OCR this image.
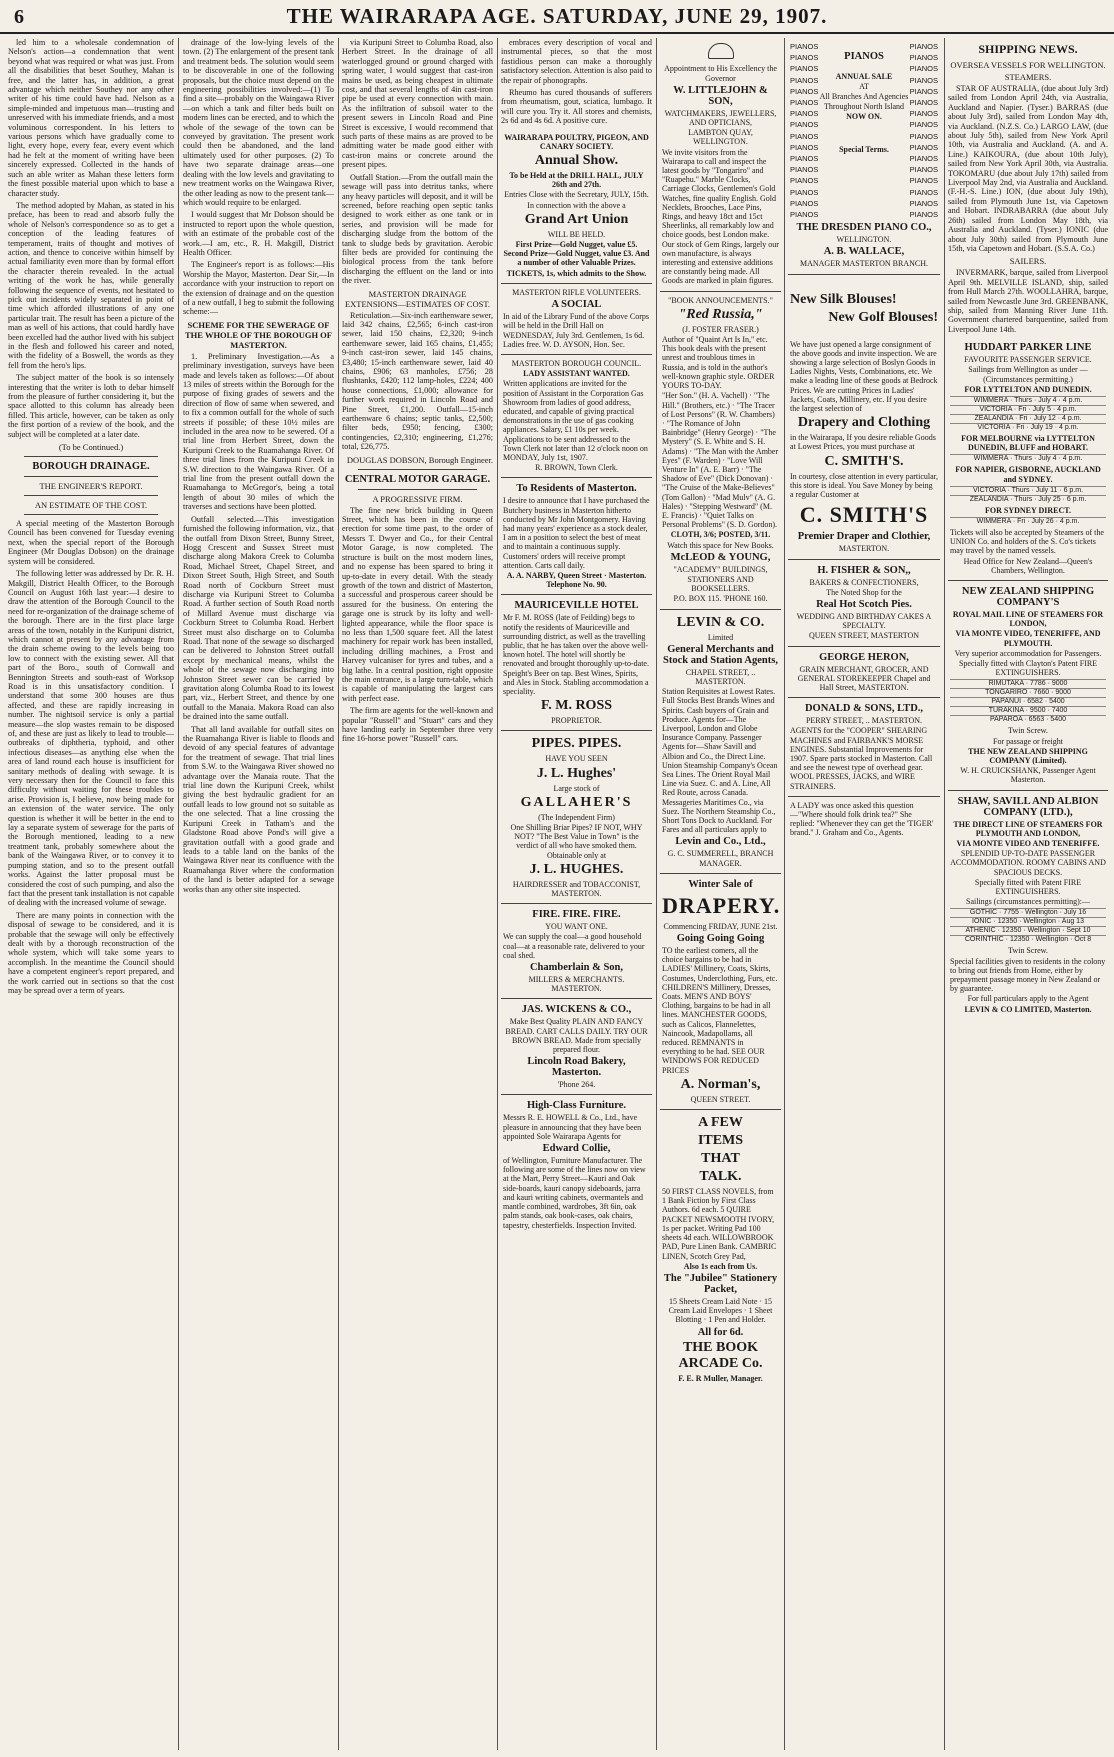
6	THE WAIRARAPA AGE. SATURDAY, JUNE 29, 1907.

led him to a wholesale condemnation of Nelson's action—a condemnation that went beyond what was required or what was just. From all the disabilities that beset Southey, Mahan is free, and the latter has, in addition, a great advantage which neither Southey nor any other writer of his time could have had. Nelson as a simple-minded and impetuous man—trusting and unreserved with his immediate friends, and a most voluminous correspondent. In his letters to various persons which have gradually come to light, every hope, every fear, every event which had he felt at the moment of writing have been sincerely expressed. Collected in the hands of such an able writer as Mahan these letters form the finest possible material upon which to base a character study.

The method adopted by Mahan, as stated in his preface, has been to read and absorb fully the whole of Nelson's correspondence so as to get a conception of the leading features of temperament, traits of thought and motives of action, and thence to conceive within himself by actual familiarity even more than by formal effort the character therein revealed. In the actual writing of the work he has, while generally following the sequence of events, not hesitated to pick out incidents widely separated in point of time which afforded illustrations of any one particular trait. The result has been a picture of the man as well of his actions, that could hardly have been excelled had the author lived with his subject in the flesh and followed his career and noted, with the fidelity of a Boswell, the words as they fell from the hero's lips.

The subject matter of the book is so intensely interesting that the writer is loth to debar himself from the pleasure of further considering it, but the space allotted to this column has already been filled. This article, however, can be taken as only the first portion of a review of the book, and the subject will be completed at a later date.

(To be Continued.)
BOROUGH DRAINAGE.
THE ENGINEER'S REPORT.
AN ESTIMATE OF THE COST.

A special meeting of the Masterton Borough Council has been convened for Tuesday evening next, when the special report of the Borough Engineer (Mr Douglas Dobson) on the drainage system will be considered.

The following letter was addressed by Dr. R. H. Makgill, District Health Officer, to the Borough Council on August 16th last year:—I desire to draw the attention of the Borough Council to the need for re-organization of the drainage scheme of the borough. There are in the first place large areas of the town, notably in the Kuripuni district, which cannot at present by any advantage from the drain scheme owing to the levels being too low to connect with the existing sewer. All that part of the Boro., south of Cornwall and Bennington Streets and south-east of Worksop Road is in this unsatisfactory condition. I understand that some 300 houses are thus affected, and these are rapidly increasing in number. The nightsoil service is only a partial measure—the slop wastes remain to be disposed of, and these are just as likely to lead to trouble—outbreaks of diphtheria, typhoid, and other infectious diseases—as anything else when the area of land round each house is insufficient for sanitary methods of dealing with sewage. It is very necessary then for the Council to face this difficulty without waiting for these troubles to arise. Provision is, I believe, now being made for an extension of the water service. The only question is whether it will be better in the end to lay a separate system of sewerage for the parts of the Borough mentioned, leading to a new treatment tank, probably somewhere about the bank of the Waingawa River, or to convey it to pumping station, and so to the present outfall works. Against the latter proposal must be considered the cost of such pumping, and also the fact that the present tank installation is not capable of dealing with the increased volume of sewage.

There are many points in connection with the disposal of sewage to be considered, and it is probable that the sewage will only be effectively dealt with by a thorough reconstruction of the whole system, which will take some years to accomplish. In the meantime the Council should have a competent engineer's report prepared, and the work carried out in sections so that the cost may be spread over a term of years.

drainage of the low-lying levels of the town. (2) The enlargement of the present tank and treatment beds. The solution would seem to be discoverable in one of the following proposals, but the choice must depend on the engineering possibilities involved:—(1) To find a site—probably on the Waingawa River—on which a tank and filter beds built on modern lines can be erected, and to which the whole of the sewage of the town can be conveyed by gravitation. The present work could then be abandoned, and the land ultimately used for other purposes. (2) To have two separate drainage areas—one dealing with the low levels and gravitating to new treatment works on the Waingawa River, the other leading as now to the present tank—which would require to be enlarged.

I would suggest that Mr Dobson should be instructed to report upon the whole question, with an estimate of the probable cost of the work.—I am, etc., R. H. Makgill, District Health Officer.

The Engineer's report is as follows:—His Worship the Mayor, Masterton. Dear Sir,—In accordance with your instruction to report on the extension of drainage and on the question of a new outfall, I beg to submit the following scheme:—

SCHEME FOR THE SEWERAGE OF THE WHOLE OF THE BOROUGH OF MASTERTON.

1. Preliminary Investigation.—As a preliminary investigation, surveys have been made and levels taken as follows:—Of about 13 miles of streets within the Borough for the purpose of fixing grades of sewers and the direction of flow of same when sewered, and to fix a common outfall for the whole of such streets if possible; of these 10½ miles are included in the area now to be sewered. Of a trial line from Herbert Street, down the Kuripuni Creek to the Ruamahanga River. Of three trial lines from the Kuripuni Creek in S.W. direction to the Waingawa River. Of a trial line from the present outfall down the Ruamahanga to McGregor's, being a total length of about 30 miles of which the traverses and sections have been plotted.

Outfall selected.—This investigation furnished the following information, viz., that the outfall from Dixon Street, Bunny Street, Hogg Crescent and Sussex Street must discharge along Makora Creek to Columba Road, Michael Street, Chapel Street, and Dixon Street South, High Street, and South Road north of Cockburn Street must discharge via Kuripuni Street to Columba Road. A further section of South Road north of Millard Avenue must discharge via Cockburn Street to Columba Road. Herbert Street must also discharge on to Columba Road. That none of the sewage so discharged can be delivered to Johnston Street outfall except by mechanical means, whilst the whole of the sewage now discharging into Johnston Street sewer can be carried by gravitation along Columba Road to its lowest part, viz., Herbert Street, and thence by one outfall to the Manaia. Makora Road can also be drained into the same outfall.

That all land available for outfall sites on the Ruamahanga River is liable to floods and devoid of any special features of advantage for the treatment of sewage. That trial lines from S.W. to the Waingawa River showed no advantage over the Manaia route. That the trial line down the Kuripuni Creek, whilst giving the best hydraulic gradient for an outfall leads to low ground not so suitable as the one selected. That a line crossing the Kuripuni Creek in Tatham's and the Gladstone Road above Pond's will give a gravitation outfall with a good grade and leads to a table land on the banks of the Waingawa River near its confluence with the Ruamahanga River where the conformation of the land is better adapted for a sewage works than any other site inspected.

via Kuripuni Street to Columba Road, also Herbert Street. In the drainage of all waterlogged ground or ground charged with spring water, I would suggest that cast-iron mains be used, as being cheapest in ultimate cost, and that several lengths of 4in cast-iron pipe be used at every connection with main. As the infiltration of subsoil water to the present sewers in Lincoln Road and Pine Street is excessive, I would recommend that such parts of these mains as are proved to be admitting water be made good either with cast-iron mains or concrete around the present pipes.

Outfall Station.—From the outfall main the sewage will pass into detritus tanks, where any heavy particles will deposit, and it will be screened, before reaching open septic tanks designed to work either as one tank or in series, and provision will be made for discharging sludge from the bottom of the tank to sludge beds by gravitation. Aerobic filter beds are provided for continuing the biological process from the tank before discharging the effluent on the land or into the river.

MASTERTON DRAINAGE EXTENSIONS—ESTIMATES OF COST.

Reticulation.—Six-inch earthenware sewer, laid 342 chains, £2,565; 6-inch cast-iron sewer, laid 150 chains, £2,320; 9-inch earthenware sewer, laid 165 chains, £1,455; 9-inch cast-iron sewer, laid 145 chains, £3,480; 15-inch earthenware sewer, laid 40 chains, £906; 63 manholes, £756; 28 flushtanks, £420; 112 lamp-holes, £224; 400 house connections, £1,000; allowance for further work required in Lincoln Road and Pine Street, £1,200. Outfall—15-inch earthenware 6 chains; septic tanks, £2,500; filter beds, £950; fencing, £300; contingencies, £2,310; engineering, £1,276; total, £26,775.

DOUGLAS DOBSON, Borough Engineer.
CENTRAL MOTOR GARAGE.
A PROGRESSIVE FIRM.

The fine new brick building in Queen Street, which has been in the course of erection for some time past, to the order of Messrs T. Dwyer and Co., for their Central Motor Garage, is now completed. The structure is built on the most modern lines, and no expense has been spared to bring it up-to-date in every detail. With the steady growth of the town and district of Masterton, a successful and prosperous career should be assured for the business. On entering the garage one is struck by its lofty and well-lighted appearance, while the floor space is no less than 1,500 square feet. All the latest machinery for repair work has been installed, including drilling machines, a Frost and Harvey vulcaniser for tyres and tubes, and a big lathe. In a central position, right opposite the main entrance, is a large turn-table, which is capable of manipulating the largest cars with perfect ease.

The firm are agents for the well-known and popular "Russell" and "Stuart" cars and they have landing early in September three very fine 16-horse power "Russell" cars.

embraces every description of vocal and instrumental pieces, so that the most fastidious person can make a thoroughly satisfactory selection. Attention is also paid to the repair of phonographs.

Rheumo has cured thousands of sufferers from rheumatism, gout, sciatica, lumbago. It will cure you. Try it. All stores and chemists, 2s 6d and 4s 6d. A positive cure.

WAIRARAPA POULTRY, PIGEON, AND CANARY SOCIETY.
Annual Show.
To be Held at the DRILL HALL, JULY 26th and 27th.
Entries Close with the Secretary, JULY, 15th.
In connection with the above a
Grand Art Union
WILL BE HELD.
First Prize—Gold Nugget, value £5. Second Prize—Gold Nugget, value £3. And a number of other Valuable Prizes.
TICKETS, 1s, which admits to the Show.
MASTERTON RIFLE VOLUNTEERS.
A SOCIAL
In aid of the Library Fund of the above Corps will be held in the Drill Hall on WEDNESDAY, July 3rd. Gentlemen, 1s 6d. Ladies free. W. D. AYSON, Hon. Sec.
MASTERTON BOROUGH COUNCIL.
LADY ASSISTANT WANTED.
Written applications are invited for the position of Assistant in the Corporation Gas Showroom from ladies of good address, educated, and capable of giving practical demonstrations in the use of gas cooking appliances. Salary, £1 10s per week. Applications to be sent addressed to the Town Clerk not later than 12 o'clock noon on MONDAY, July 1st, 1907.
R. BROWN, Town Clerk.
To Residents of Masterton.
I desire to announce that I have purchased the Butchery business in Masterton hitherto conducted by Mr John Montgomery. Having had many years' experience as a stock dealer, I am in a position to select the best of meat and to maintain a continuous supply. Customers' orders will receive prompt attention. Carts call daily.
A. A. NARBY, Queen Street · Masterton. Telephone No. 90.
MAURICEVILLE HOTEL
Mr F. M. ROSS (late of Feilding) begs to notify the residents of Mauriceville and surrounding district, as well as the travelling public, that he has taken over the above well-known hotel. The hotel will shortly be renovated and brought thoroughly up-to-date. Speight's Beer on tap. Best Wines, Spirits, and Ales in Stock. Stabling accommodation a speciality.
F. M. ROSS
PROPRIETOR.
PIPES. PIPES.
HAVE YOU SEEN
J. L. Hughes'
Large stock of
GALLAHER'S
(The Independent Firm)
One Shilling Briar Pipes? IF NOT, WHY NOT? "The Best Value in Town" is the verdict of all who have smoked them. Obtainable only at
J. L. HUGHES.
HAIRDRESSER and TOBACCONIST, MASTERTON.
FIRE. FIRE. FIRE.
YOU WANT ONE.
We can supply the coal—a good household coal—at a reasonable rate, delivered to your coal shed.
Chamberlain & Son,
MILLERS & MERCHANTS. MASTERTON.
JAS. WICKENS & CO.,
Make Best Quality PLAIN AND FANCY BREAD. CART CALLS DAILY. TRY OUR BROWN BREAD. Made from specially prepared flour.
Lincoln Road Bakery, Masterton.
'Phone 264.
High-Class Furniture.
Messrs R. E. HOWELL & Co., Ltd., have pleasure in announcing that they have been appointed Sole Wairarapa Agents for
Edward Collie,
of Wellington, Furniture Manufacturer. The following are some of the lines now on view at the Mart, Perry Street—Kauri and Oak side-boards, kauri canopy sideboards, jarra and kauri writing cabinets, overmantels and mantle combined, wardrobes, 3ft 6in, oak palm stands, oak book-cases, oak chairs, tapestry, chesterfields. Inspection Invited.
Appointment to His Excellency the Governor
W. LITTLEJOHN & SON,
WATCHMAKERS, JEWELLERS, AND OPTICIANS,
LAMBTON QUAY, WELLINGTON.
We invite visitors from the Wairarapa to call and inspect the latest goods by "Tongariro" and "Ruapehu." Marble Clocks, Carriage Clocks, Gentlemen's Gold Watches, fine quality English. Gold Necklets, Brooches, Lace Pins, Rings, and heavy 18ct and 15ct Sheerlinks, all remarkably low and choice goods, best London make. Our stock of Gem Rings, largely our own manufacture, is always interesting and extensive additions are constantly being made. All Goods are marked in plain figures.
"BOOK ANNOUNCEMENTS."
"Red Russia,"
(J. FOSTER FRASER.)
Author of "Quaint Art Is In," etc. This book deals with the present unrest and troublous times in Russia, and is told in the author's well-known graphic style. ORDER YOURS TO-DAY.
"Her Son." (H. A. Vachell) · "The Hill." (Brothers, etc.) · "The Tracer of Lost Persons" (R. W. Chambers) · "The Romance of John Bainbridge" (Henry George) · "The Mystery" (S. E. White and S. H. Adams) · "The Man with the Amber Eyes" (F. Warden) · "Love Will Venture In" (A. E. Barr) · "The Shadow of Eve" (Dick Donovan) · "The Cruise of the Make-Believes" (Tom Gallon) · "Mad Mulv" (A. G. Hales) · "Stepping Westward" (M. E. Francis) · "Quiet Talks on Personal Problems" (S. D. Gordon).
CLOTH, 3/6; POSTED, 3/11.
Watch this space for New Books.
McLEOD & YOUNG,
"ACADEMY" BUILDINGS,
STATIONERS AND BOOKSELLERS.
P.O. BOX 115. 'PHONE 160.
LEVIN & CO.
Limited
General Merchants and Stock and Station Agents,
CHAPEL STREET, .. MASTERTON.
Station Requisites at Lowest Rates. Full Stocks Best Brands Wines and Spirits. Cash buyers of Grain and Produce. Agents for—The Liverpool, London and Globe Insurance Company. Passenger Agents for—Shaw Savill and Albion and Co., the Direct Line. Union Steamship Company's Ocean Sea Lines. The Orient Royal Mail Line via Suez. C. and A. Line, All Red Route, across Canada. Messageries Maritimes Co., via Suez. The Northern Steamship Co., Short Tons Dock to Auckland. For Fares and all particulars apply to
Levin and Co., Ltd.,
G. C. SUMMERELL, BRANCH MANAGER.
Winter Sale of
DRAPERY.
Commencing FRIDAY, JUNE 21st.
Going Going Going
TO the earliest comers, all the choice bargains to be had in LADIES' Millinery, Coats, Skirts, Costumes, Underclothing, Furs, etc. CHILDREN'S Millinery, Dresses, Coats. MEN'S AND BOYS' Clothing, bargains to be had in all lines. MANCHESTER GOODS, such as Calicos, Flannelettes, Naincook, Madapollams, all reduced. REMNANTS in everything to be had. SEE OUR WINDOWS FOR REDUCED PRICES
A. Norman's,
QUEEN STREET.
A FEW
ITEMS
THAT
TALK.
50 FIRST CLASS NOVELS, from 1 Bank Fiction by First Class Authors. 6d each. 5 QUIRE PACKET NEWSMOOTH IVORY, 1s per packet. Writing Pad 100 sheets 4d each. WILLOWBROOK PAD, Pure Linen Bank. CAMBRIC LINEN, Scotch Grey Pad,
Also 1s each from Us.
The "Jubilee" Stationery Packet,
15 Sheets Cream Laid Note · 15 Cream Laid Envelopes · 1 Sheet Blotting · 1 Pen and Holder.
All for 6d.
THE BOOK ARCADE Co.
F. E. R Muller, Manager.
PIANOS
PIANOS
PIANOS
PIANOS
PIANOS
PIANOS
PIANOS
PIANOS
PIANOS
PIANOS
PIANOS
PIANOS
PIANOS
PIANOS
PIANOS
PIANOS
PIANOS
ANNUAL SALE
AT
All Branches And Agencies Throughout North Island
NOW ON.
Special Terms.
PIANOS
PIANOS
PIANOS
PIANOS
PIANOS
PIANOS
PIANOS
PIANOS
PIANOS
PIANOS
PIANOS
PIANOS
PIANOS
PIANOS
PIANOS
PIANOS
THE DRESDEN PIANO CO.,
WELLINGTON.
A. B. WALLACE,
MANAGER MASTERTON BRANCH.
New Silk Blouses!
New Golf Blouses!
We have just opened a large consignment of the above goods and invite inspection. We are showing a large selection of Boslyn Goods in Ladies Nights, Vests, Combinations, etc. We make a leading line of these goods at Bedrock Prices. We are cutting Prices in Ladies' Jackets, Coats, Millinery, etc. If you desire the largest selection of
Drapery and Clothing
in the Wairarapa, If you desire reliable Goods at Lowest Prices, you must purchase at
C. SMITH'S.
In courtesy, close attention in every particular, this store is ideal. You Save Money by being a regular Customer at
C. SMITH'S
Premier Draper and Clothier,
MASTERTON.
H. FISHER & SON,,
BAKERS & CONFECTIONERS,
The Noted Shop for the
Real Hot Scotch Pies.
WEDDING AND BIRTHDAY CAKES A SPECIALTY.
QUEEN STREET, MASTERTON
GEORGE HERON,
GRAIN MERCHANT, GROCER, AND GENERAL STOREKEEPER Chapel and Hall Street, MASTERTON.
DONALD & SONS, LTD.,
PERRY STREET, .. MASTERTON.
AGENTS for the "COOPER" SHEARING MACHINES and FAIRBANK'S MORSE ENGINES. Substantial Improvements for 1907. Spare parts stocked in Masterton. Call and see the newest type of overhead gear. WOOL PRESSES, JACKS, and WIRE STRAINERS.
A LADY was once asked this question—"Where should folk drink tea?" She replied: "Whenever they can get the 'TIGER' brand." J. Graham and Co., Agents.
SHIPPING NEWS.
OVERSEA VESSELS FOR WELLINGTON.
STEAMERS.

STAR OF AUSTRALIA, (due about July 3rd) sailed from London April 24th, via Australia, Auckland and Napier. (Tyser.) BARRAS (due about July 3rd), sailed from London May 4th, via Auckland. (N.Z.S. Co.) LARGO LAW, (due about July 5th), sailed from New York April 10th, via Australia and Auckland. (A. and A. Line.) KAIKOURA, (due about 10th July), sailed from New York April 30th, via Australia. TOKOMARU (due about July 17th) sailed from Liverpool May 2nd, via Australia and Auckland. (F.-H.-S. Line.) ION, (due about July 19th), sailed from Plymouth June 1st, via Capetown and Hobart. INDRABARRA (due about July 26th) sailed from London May 18th, via Australia and Auckland. (Tyser.) IONIC (due about July 30th) sailed from Plymouth June 15th, via Capetown and Hobart. (S.S.A. Co.)

SAILERS.

INVERMARK, barque, sailed from Liverpool April 9th. MELVILLE ISLAND, ship, sailed from Hull March 27th. WOOLLAHRA, barque, sailed from Newcastle June 3rd. GREENBANK, ship, sailed from Manning River June 11th. Government chartered barquentine, sailed from Liverpool June 14th.

HUDDART PARKER LINE
FAVOURITE PASSENGER SERVICE.
Sailings from Wellington as under — (Circumstances permitting.)
FOR LYTTELTON AND DUNEDIN.
WIMMERA · Thurs · July 4 · 4 p.m.
VICTORIA · Fri · July 5 · 4 p.m.
ZEALANDIA · Fri · July 12 · 4 p.m.
VICTORIA · Fri · July 19 · 4 p.m.
FOR MELBOURNE via LYTTELTON DUNEDIN, BLUFF and HOBART.
WIMMERA · Thurs · July 4 · 4 p.m.
FOR NAPIER, GISBORNE, AUCKLAND and SYDNEY.
VICTORIA · Thurs · July 11 · 6 p.m.
ZEALANDIA · Thurs · July 25 · 6 p.m.
FOR SYDNEY DIRECT.
WIMMERA · Fri · July 26 · 4 p.m.
Tickets will also be accepted by Steamers of the UNION Co. and holders of the S. Co's tickets may travel by the named vessels.
Head Office for New Zealand—Queen's Chambers, Wellington.
NEW ZEALAND SHIPPING COMPANY'S
ROYAL MAIL LINE OF STEAMERS FOR LONDON,
VIA MONTE VIDEO, TENERIFFE, AND PLYMOUTH.
Very superior accommodation for Passengers.
Specially fitted with Clayton's Patent FIRE EXTINGUISHERS.
RIMUTAKA · 7786 · 9000
TONGARIRO · 7660 · 9000
PAPANUI · 6582 · 5400
TURAKINA · 9500 · 7400
PAPAROA · 6563 · 5400
Twin Screw.
For passage or freight
THE NEW ZEALAND SHIPPING COMPANY (Limited).
W. H. CRUICKSHANK, Passenger Agent Masterton.
SHAW, SAVILL AND ALBION COMPANY (LTD.),
THE DIRECT LINE OF STEAMERS FOR PLYMOUTH AND LONDON,
VIA MONTE VIDEO AND TENERIFFE.
SPLENDID UP-TO-DATE PASSENGER ACCOMMODATION. ROOMY CABINS AND SPACIOUS DECKS.
Specially fitted with Patent FIRE EXTINGUISHERS.
Sailings (circumstances permitting):—
GOTHIC · 7755 · Wellington · July 16
IONIC · 12350 · Wellington · Aug 13
ATHENIC · 12350 · Wellington · Sept 10
CORINTHIC · 12350 · Wellington · Oct 8
Twin Screw.
Special facilities given to residents in the colony to bring out friends from Home, either by prepayment passage money in New Zealand or by guarantee.
For full particulars apply to the Agent
LEVIN & CO LIMITED, Masterton.
